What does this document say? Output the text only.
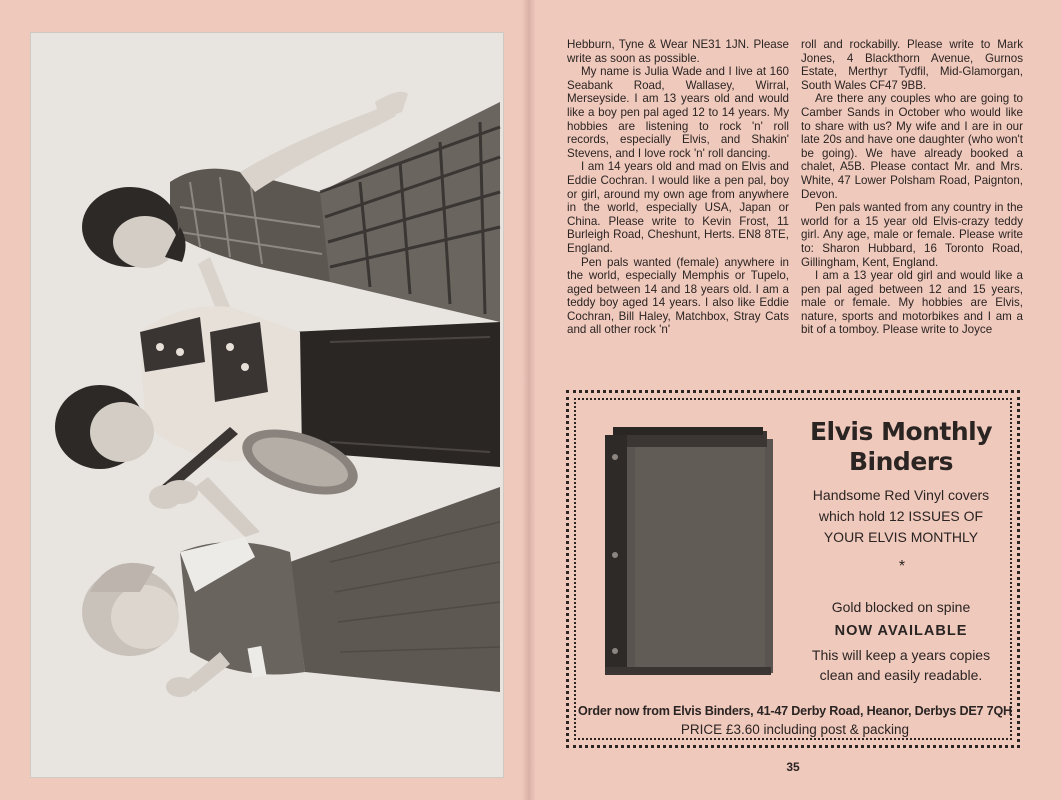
Hebburn, Tyne & Wear NE31 1JN. Please write as soon as possible.

My name is Julia Wade and I live at 160 Seabank Road, Wallasey, Wirral, Merseyside. I am 13 years old and would like a boy pen pal aged 12 to 14 years. My hobbies are listening to rock 'n' roll records, especially Elvis, and Shakin' Stevens, and I love rock 'n' roll dancing.

I am 14 years old and mad on Elvis and Eddie Cochran. I would like a pen pal, boy or girl, around my own age from anywhere in the world, especially USA, Japan or China. Please write to Kevin Frost, 11 Burleigh Road, Cheshunt, Herts. EN8 8TE, England.

Pen pals wanted (female) anywhere in the world, especially Memphis or Tupelo, aged between 14 and 18 years old. I am a teddy boy aged 14 years. I also like Eddie Cochran, Bill Haley, Matchbox, Stray Cats and all other rock 'n'

roll and rockabilly. Please write to Mark Jones, 4 Blackthorn Avenue, Gurnos Estate, Merthyr Tydfil, Mid-Glamorgan, South Wales CF47 9BB.

Are there any couples who are going to Camber Sands in October who would like to share with us? My wife and I are in our late 20s and have one daughter (who won't be going). We have already booked a chalet, A5B. Please contact Mr. and Mrs. White, 47 Lower Polsham Road, Paignton, Devon.

Pen pals wanted from any country in the world for a 15 year old Elvis-crazy teddy girl. Any age, male or female. Please write to: Sharon Hubbard, 16 Toronto Road, Gillingham, Kent, England.

I am a 13 year old girl and would like a pen pal aged between 12 and 15 years, male or female. My hobbies are Elvis, nature, sports and motorbikes and I am a bit of a tomboy. Please write to Joyce

Elvis Monthly
Binders
Handsome Red Vinyl covers
which hold 12 ISSUES OF
YOUR ELVIS MONTHLY
*
Gold blocked on spine
NOW AVAILABLE
This will keep a years copies
clean and easily readable.
Order now from Elvis Binders, 41-47 Derby Road, Heanor, Derbys DE7 7QH
PRICE £3.60 including post & packing
35
